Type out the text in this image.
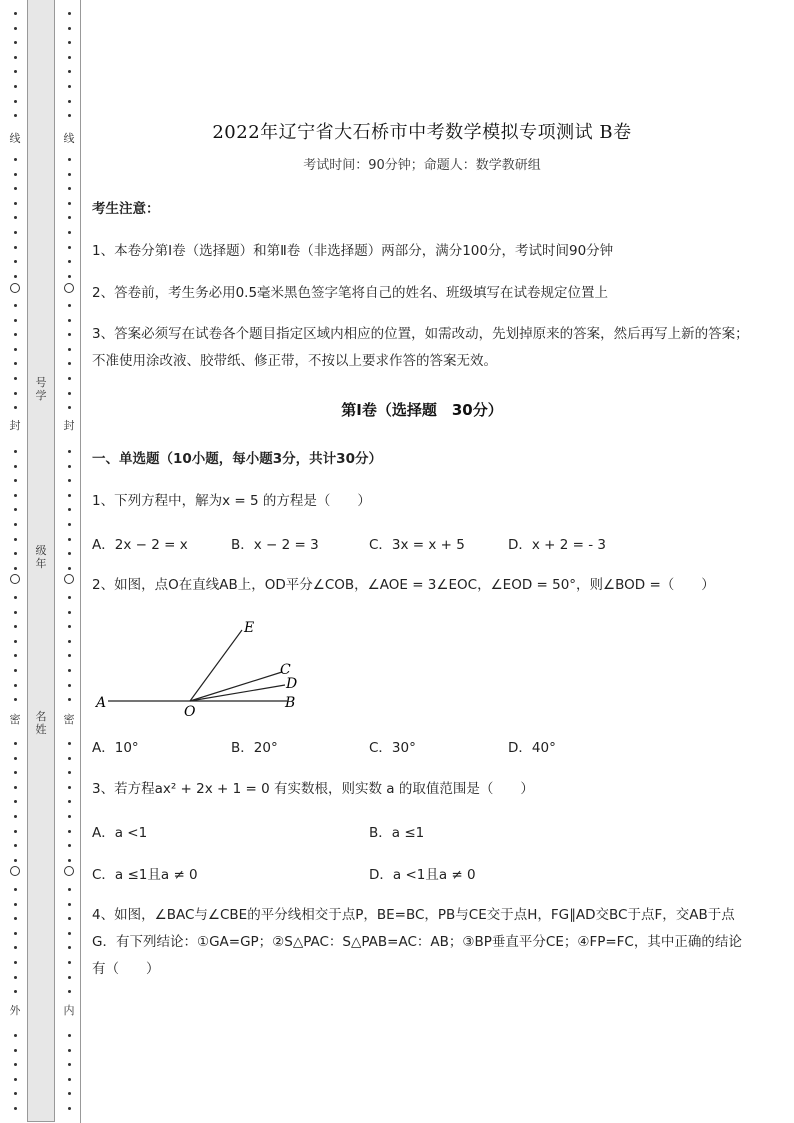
线
封
密
外
号学
级年
名姓
线
封
密
内
2022年辽宁省大石桥市中考数学模拟专项测试 B卷
考试时间：90分钟；命题人：数学教研组
考生注意：
1、本卷分第I卷（选择题）和第Ⅱ卷（非选择题）两部分，满分100分，考试时间90分钟
2、答卷前，考生务必用0.5毫米黑色签字笔将自己的姓名、班级填写在试卷规定位置上
3、答案必须写在试卷各个题目指定区域内相应的位置，如需改动，先划掉原来的答案，然后再写上新的答案；不准使用涂改液、胶带纸、修正带，不按以上要求作答的答案无效。
第I卷（选择题　30分）
一、单选题（10小题，每小题3分，共计30分）
1、下列方程中，解为x = 5 的方程是（　　）
A．2x − 2 = x	B．x − 2 = 3	C．3x = x + 5	D．x + 2 = - 3
2、如图，点O在直线AB上，OD平分∠COB，∠AOE = 3∠EOC，∠EOD = 50°，则∠BOD =（　　）
A．10°	B．20°	C．30°	D．40°
3、若方程ax² + 2x + 1 = 0 有实数根，则实数 a 的取值范围是（　　）
A．a <1	B．a ≤1
C．a ≤1且a ≠ 0	D．a <1且a ≠ 0
4、如图，∠BAC与∠CBE的平分线相交于点P，BE=BC，PB与CE交于点H，FG∥AD交BC于点F，交AB于点G．有下列结论：①GA=GP；②S△PAC：S△PAB=AC：AB；③BP垂直平分CE；④FP=FC，其中正确的结论有（　　）
E
C
D
A
O
B
